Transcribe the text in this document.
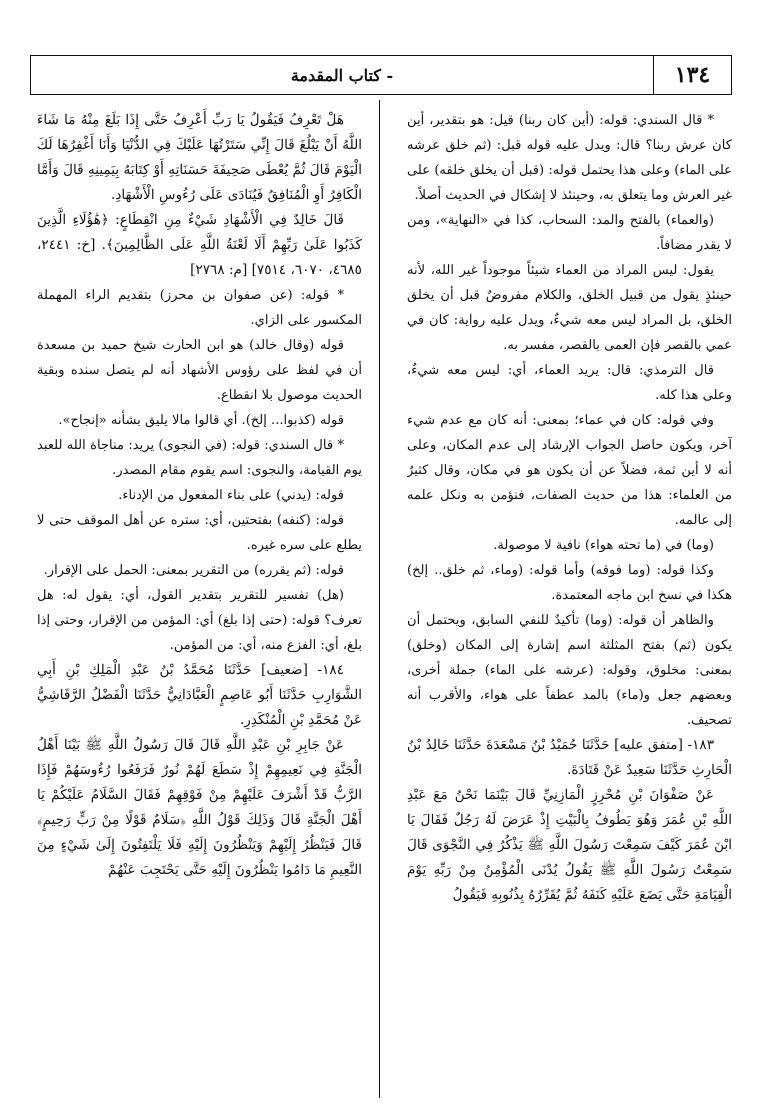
- كتاب المقدمة	١٣٤

* قال السندي: قوله: (أين كان ربنا) قيل: هو بتقدير، أين كان عرش ربنا؟ قال: ويدل عليه قوله قبل: (ثم خلق عرشه على الماء) وعلى هذا يحتمل قوله: (قبل أن يخلق خلقه) على غير العرش وما يتعلق به، وحينئذ لا إشكال في الحديث أصلاً.

(والعماء) بالفتح والمد: السحاب، كذا في «النهاية»، ومن لا يقدر مضافاً.

يقول: ليس المراد من العماء شيئاً موجوداً غير الله، لأنه حينئذٍ يقول من قبيل الخلق، والكلام مفروضٌ قبل أن يخلق الخلق، بل المراد ليس معه شيءٌ، ويدل عليه رواية: كان في عمي بالقصر فإن العمى بالقصر، مفسر به.

قال الترمذي: قال: يريد العماء، أي: ليس معه شيءٌ، وعلى هذا كله.

وفي قوله: كان في عماء؛ بمعنى: أنه كان مع عدم شيء آخر، ويكون حاصل الجواب الإرشاد إلى عدم المكان، وعلى أنه لا أين ثمة، فضلاً عن أن يكون هو في مكان، وقال كثيرٌ من العلماء: هذا من حديث الصفات، فنؤمن به ونكل علمه إلى عالمه.

(وما) في (ما تحته هواء) نافية لا موصولة.

وكذا قوله: (وما فوقه) وأما قوله: (وماء، ثم خلق.. إلخ) هكذا في نسخ ابن ماجه المعتمدة.

والظاهر أن قوله: (وما) تأكيدٌ للنفي السابق، ويحتمل أن يكون (ثم) بفتح المثلثة اسم إشارة إلى المكان (وخلق) بمعنى: مخلوق، وقوله: (عرشه على الماء) جملة أخرى، وبعضهم جعل و(ماء) بالمد عطفاً على هواء، والأقرب أنه تصحيف.

١٨٣- [متفق عليه] حَدَّثَنَا حُمَيْدُ بْنُ مَسْعَدَةَ حَدَّثَنَا خَالِدُ بْنُ الْحَارِثِ حَدَّثَنَا سَعِيدٌ عَنْ قَتَادَةَ.

عَنْ صَفْوَانَ بْنِ مُحْرِزٍ الْمَازِنِيِّ قَالَ بَيْنَمَا نَحْنُ مَعَ عَبْدِ اللَّهِ بْنِ عُمَرَ وَهُوَ يَطُوفُ بِالْبَيْتِ إِذْ عَرَضَ لَهُ رَجُلٌ فَقَالَ يَا ابْنَ عُمَرَ كَيْفَ سَمِعْتَ رَسُولَ اللَّهِ ﷺ يَذْكُرُ فِي النَّجْوَى قَالَ سَمِعْتُ رَسُولَ اللَّهِ ﷺ يَقُولُ يُدْنَى الْمُؤْمِنُ مِنْ رَبِّهِ يَوْمَ الْقِيَامَةِ حَتَّى يَضَعَ عَلَيْهِ كَنَفَهُ ثُمَّ يُقَرِّرُهُ بِذُنُوبِهِ فَيَقُولُ

هَلْ تَعْرِفُ فَيَقُولُ يَا رَبِّ أَعْرِفُ حَتَّى إِذَا بَلَغَ مِنْهُ مَا شَاءَ اللَّهُ أَنْ يَبْلُغَ قَالَ إِنِّي سَتَرْتُهَا عَلَيْكَ فِي الدُّنْيَا وَأَنَا أَغْفِرُهَا لَكَ الْيَوْمَ قَالَ ثُمَّ يُعْطَى صَحِيفَةَ حَسَنَاتِهِ أَوْ كِتَابَهُ بِيَمِينِهِ قَالَ وَأَمَّا الْكَافِرُ أَوِ الْمُنَافِقُ فَيُنَادَى عَلَى رُءُوسِ الْأَشْهَادِ.

قَالَ خَالِدٌ فِي الْأَشْهَادِ شَيْءٌ مِنِ انْقِطَاعٍ: ﴿هَٰؤُلَاءِ الَّذِينَ كَذَبُوا عَلَىٰ رَبِّهِمْ أَلَا لَعْنَةُ اللَّهِ عَلَى الظَّالِمِينَ﴾. [خ: ٢٤٤١، ٤٦٨٥، ٦٠٧٠، ٧٥١٤] [م: ٢٧٦٨]

* قوله: (عن صفوان بن محرز) بتقديم الراء المهملة المكسور على الزاي.

قوله (وقال خالد) هو ابن الحارث شيخ حميد بن مسعدة أن في لفظ على رؤوس الأشهاد أنه لم يتصل سنده وبقية الحديث موصول بلا انقطاع.

قوله (كذبوا... إلخ). أي قالوا مالا يليق بشأنه «إنجاح».

* قال السندي: قوله: (في النجوى) يريد: مناجاة الله للعبد يوم القيامة، والنجوى: اسم يقوم مقام المصدر.

قوله: (يدني) على بناء المفعول من الإدناء.

قوله: (كنفه) بفتحتين، أي: ستره عن أهل الموقف حتى لا يطلع على سره غيره.

قوله: (ثم يقرره) من التقرير بمعنى: الحمل على الإقرار.

(هل) تفسير للتقرير بتقدير القول، أي: يقول له: هل تعرف؟ قوله: (حتى إذا بلغ) أي: المؤمن من الإقرار، وحتى إذا بلغ، أي: الفزع منه، أي: من المؤمن.

١٨٤- [ضعيف] حَدَّثَنَا مُحَمَّدُ بْنُ عَبْدِ الْمَلِكِ بْنِ أَبِي الشَّوَارِبِ حَدَّثَنَا أَبُو عَاصِمٍ الْعَبَّادَانِيُّ حَدَّثَنَا الْفَضْلُ الرَّقَاشِيُّ عَنْ مُحَمَّدِ بْنِ الْمُنْكَدِرِ.

عَنْ جَابِرِ بْنِ عَبْدِ اللَّهِ قَالَ قَالَ رَسُولُ اللَّهِ ﷺ بَيْنَا أَهْلُ الْجَنَّةِ فِي نَعِيمِهِمْ إِذْ سَطَعَ لَهُمْ نُورٌ فَرَفَعُوا رُءُوسَهُمْ فَإِذَا الرَّبُّ قَدْ أَشْرَفَ عَلَيْهِمْ مِنْ فَوْقِهِمْ فَقَالَ السَّلَامُ عَلَيْكُمْ يَا أَهْلَ الْجَنَّةِ قَالَ وَذَلِكَ قَوْلُ اللَّهِ ﴿سَلَامٌ قَوْلًا مِنْ رَبٍّ رَحِيمٍ﴾ قَالَ فَيَنْظُرُ إِلَيْهِمْ وَيَنْظُرُونَ إِلَيْهِ فَلَا يَلْتَفِتُونَ إِلَىٰ شَيْءٍ مِنَ النَّعِيمِ مَا دَامُوا يَنْظُرُونَ إِلَيْهِ حَتَّى يَحْتَجِبَ عَنْهُمْ
